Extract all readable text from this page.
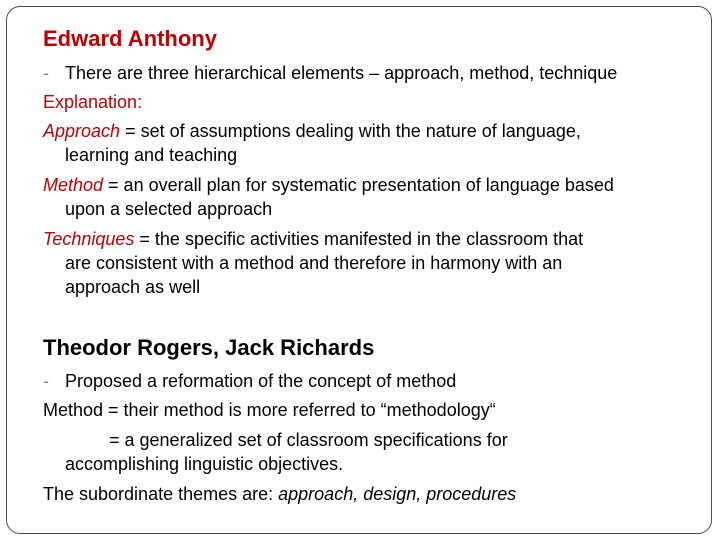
Edward Anthony

- There are three hierarchical elements – approach, method, technique

Explanation:

Approach = set of assumptions dealing with the nature of language,

learning and teaching

Method = an overall plan for systematic presentation of language based

upon a selected approach

Techniques = the specific activities manifested in the classroom that

are consistent with a method and therefore in harmony with an

approach as well

Theodor Rogers, Jack Richards

- Proposed a reformation of the concept of method

Method = their method is more referred to “methodology“

= a generalized set of classroom specifications for

accomplishing linguistic objectives.

The subordinate themes are: approach, design, procedures
